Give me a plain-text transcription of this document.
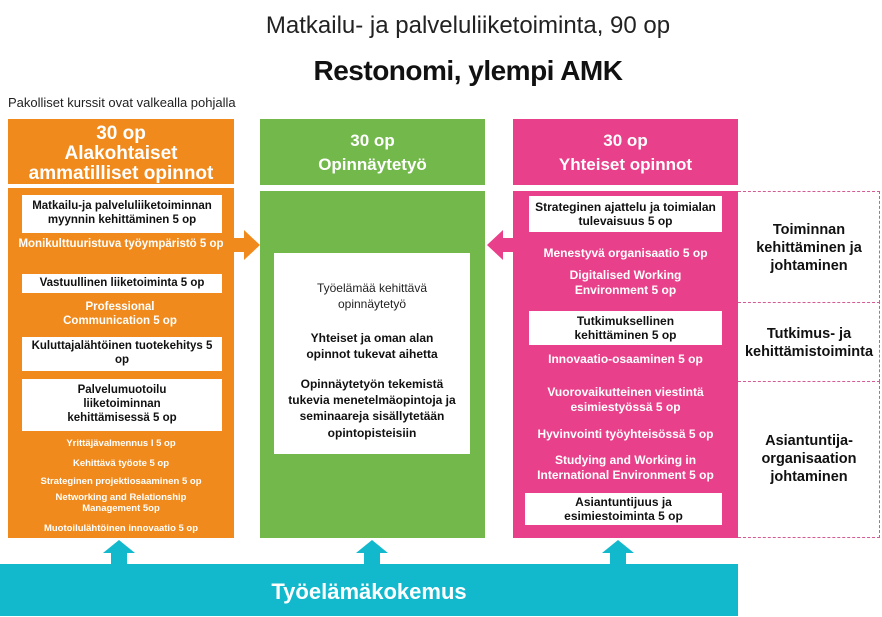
Matkailu- ja palveluliiketoiminta, 90 op
Restonomi, ylempi AMK
Pakolliset kurssit ovat valkealla pohjalla
Työelämäkokemus
30 op
Alakohtaiset
ammatilliset opinnot
Matkailu-ja palveluliiketoiminnan myynnin kehittäminen 5 op
Monikulttuuristuva työympäristö 5 op
Vastuullinen liiketoiminta 5 op
Professional Communication 5 op
Kuluttajalähtöinen tuotekehitys 5 op
Palvelumuotoilu liiketoiminnan kehittämisessä 5 op
Yrittäjävalmennus I 5 op
Kehittävä työote 5 op
Strateginen projektiosaaminen 5 op
Networking and Relationship Management 5op
Muotoilulähtöinen innovaatio 5 op
30 op
Opinnäytetyö
Työelämää kehittävä opinnäytetyö
Yhteiset ja oman alan opinnot tukevat aihetta
Opinnäytetyön tekemistä tukevia menetelmäopintoja ja seminaareja sisällytetään opintopisteisiin
30 op
Yhteiset opinnot
Strateginen ajattelu ja toimialan tulevaisuus 5 op
Menestyvä organisaatio 5 op
Digitalised Working Environment 5 op
Tutkimuksellinen kehittäminen 5 op
Innovaatio-osaaminen 5 op
Vuorovaikutteinen viestintä esimiestyössä 5 op
Hyvinvointi työyhteisössä 5 op
Studying and Working in International Environment 5 op
Asiantuntijuus ja esimiestoiminta 5 op
Toiminnan kehittäminen ja johtaminen
Tutkimus- ja kehittämistoiminta
Asiantuntija-organisaation johtaminen
